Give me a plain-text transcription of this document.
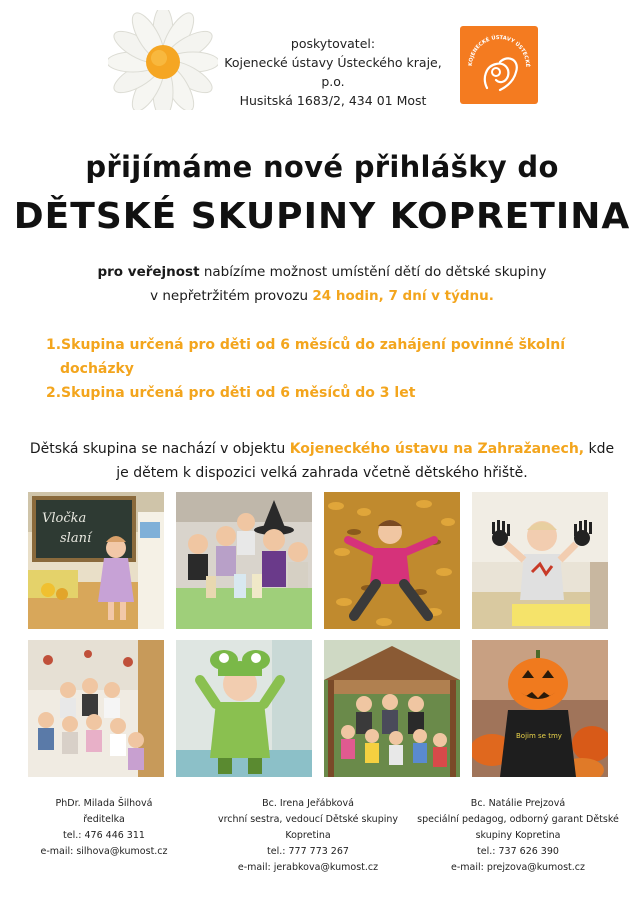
poskytovatel:
Kojenecké ústavy Ústeckého kraje, p.o.
Husitská 1683/2, 434 01 Most
KOJENECKÉ ÚSTAVY ÚSTECKÉ
přijímáme nové přihlášky do
DĚTSKÉ SKUPINY KOPRETINA
pro veřejnost nabízíme možnost umístění dětí do dětské skupiny
v nepřetržitém provozu 24 hodin, 7 dní v týdnu.
1.Skupina určená pro děti od 6 měsíců do zahájení povinné školní docházky
2.Skupina určená pro děti od 6 měsíců do 3 let
Dětská skupina se nachází v objektu Kojeneckého ústavu na Zahražanech, kde
je dětem k dispozici velká zahrada včetně dětského hřiště.
Vločka
slaní
Bojim se tmy
PhDr. Milada Šilhová
ředitelka
tel.: 476 446 311
e-mail: silhova@kumost.cz
Bc. Irena Jeřábková
vrchní sestra, vedoucí Dětské skupiny
Kopretina
tel.: 777 773 267
e-mail: jerabkova@kumost.cz
Bc. Natálie Prejzová
speciální pedagog, odborný garant Dětské
skupiny Kopretina
tel.: 737 626 390
e-mail: prejzova@kumost.cz
